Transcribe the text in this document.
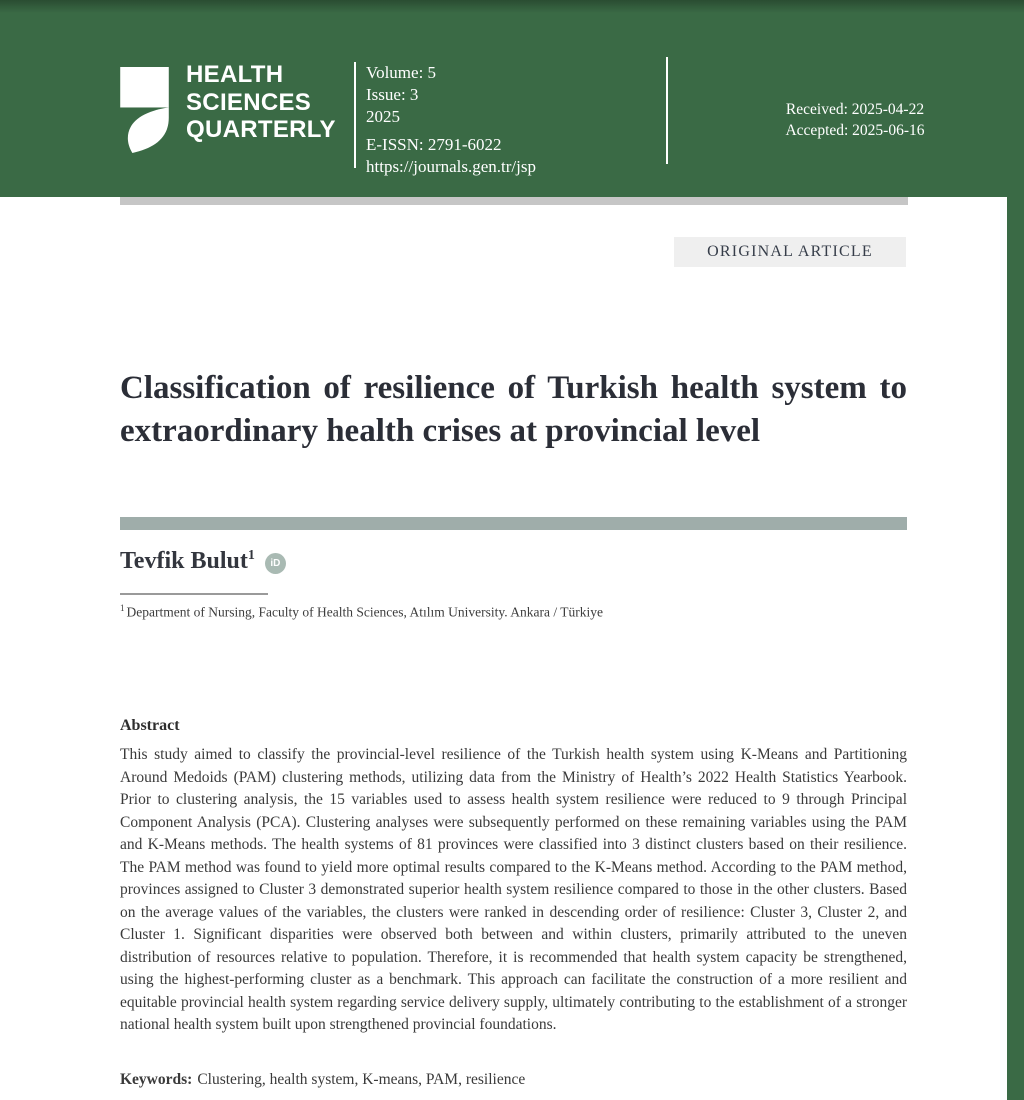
HEALTH
SCIENCES
QUARTERLY
Volume: 5
Issue: 3
2025
E-ISSN: 2791-6022
https://journals.gen.tr/jsp
Received: 2025-04-22
Accepted: 2025-06-16
ORIGINAL ARTICLE
Classification of resilience of Turkish health system to extraordinary health crises at provincial level
Tevfik Bulut$^1$
iD
$^1$ Department of Nursing, Faculty of Health Sciences, Atılım University. Ankara / Türkiye
Abstract

This study aimed to classify the provincial-level resilience of the Turkish health system using K-Means and Partitioning Around Medoids (PAM) clustering methods, utilizing data from the Ministry of Health’s 2022 Health Statistics Yearbook. Prior to clustering analysis, the 15 variables used to assess health system resilience were reduced to 9 through Principal Component Analysis (PCA). Clustering analyses were subsequently performed on these remaining variables using the PAM and K-Means methods. The health systems of 81 provinces were classified into 3 distinct clusters based on their resilience. The PAM method was found to yield more optimal results compared to the K-Means method. According to the PAM method, provinces assigned to Cluster 3 demonstrated superior health system resilience compared to those in the other clusters. Based on the average values of the variables, the clusters were ranked in descending order of resilience: Cluster 3, Cluster 2, and Cluster 1. Significant disparities were observed both between and within clusters, primarily attributed to the uneven distribution of resources relative to population. Therefore, it is recommended that health system capacity be strengthened, using the highest-performing cluster as a benchmark. This approach can facilitate the construction of a more resilient and equitable provincial health system regarding service delivery supply, ultimately contributing to the establishment of a stronger national health system built upon strengthened provincial foundations.

Keywords: Clustering, health system, K-means, PAM, resilience
